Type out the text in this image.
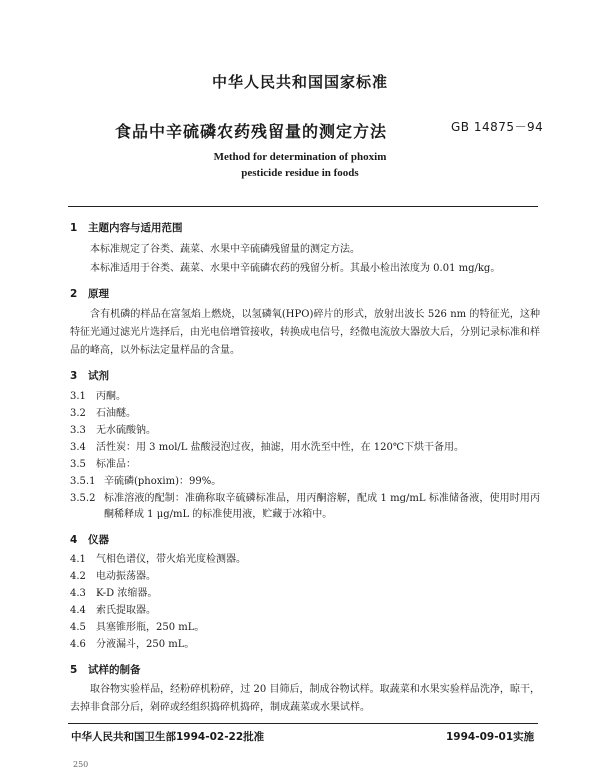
中华人民共和国国家标准
食品中辛硫磷农药残留量的测定方法	GB 14875－94
Method for determination of phoxim
pesticide residue in foods
1 主题内容与适用范围
本标准规定了谷类、蔬菜、水果中辛硫磷残留量的测定方法。
本标准适用于谷类、蔬菜、水果中辛硫磷农药的残留分析。其最小检出浓度为 0.01 mg/kg。
2 原理
含有机磷的样品在富氢焰上燃烧，以氢磷氧(HPO)碎片的形式，放射出波长 526 nm 的特征光，这种特征光通过滤光片选择后，由光电倍增管接收，转换成电信号，经微电流放大器放大后，分别记录标准和样品的峰高，以外标法定量样品的含量。
3 试剂
3.1 丙酮。
3.2 石油醚。
3.3 无水硫酸钠。
3.4 活性炭：用 3 mol/L 盐酸浸泡过夜，抽滤，用水洗至中性，在 120℃下烘干备用。
3.5 标准品：
3.5.1 辛硫磷(phoxim)：99%。
3.5.2 标准溶液的配制：准确称取辛硫磷标准品，用丙酮溶解，配成 1 mg/mL 标准储备液，使用时用丙酮稀释成 1 μg/mL 的标准使用液，贮藏于冰箱中。
4 仪器
4.1 气相色谱仪，带火焰光度检测器。
4.2 电动振荡器。
4.3 K-D 浓缩器。
4.4 索氏提取器。
4.5 具塞锥形瓶，250 mL。
4.6 分液漏斗，250 mL。
5 试样的制备
取谷物实验样品，经粉碎机粉碎，过 20 目筛后，制成谷物试样。取蔬菜和水果实验样品洗净，晾干，去掉非食部分后，剁碎或经组织捣碎机捣碎，制成蔬菜或水果试样。
中华人民共和国卫生部1994-02-22批准	1994-09-01实施
250
